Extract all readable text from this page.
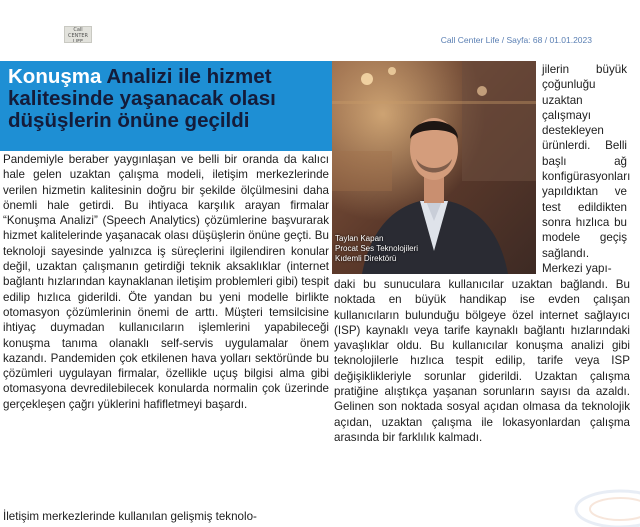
Call CENTER LIFE	Call Center Life / Sayfa: 68 / 01.01.2023
Konuşma Analizi ile hizmet kalitesinde yaşanacak olası düşüşlerin önüne geçildi
Taylan Kapan
Procat Ses Teknolojileri
Kıdemli Direktörü

Pandemiyle beraber yaygınlaşan ve belli bir oranda da kalıcı hale gelen uzaktan çalışma modeli, iletişim merkezlerinde verilen hizmetin kalitesinin doğru bir şekilde ölçülmesini daha önemli hale getirdi. Bu ihtiyaca karşılık arayan firmalar “Konuşma Analizi” (Speech Analytics) çözümlerine başvurarak hizmet kalitelerinde yaşanacak olası düşüşlerin önüne geçti. Bu teknoloji sayesinde yalnızca iş süreçlerini ilgilendiren konular değil, uzaktan çalışmanın getirdiği teknik aksaklıklar (internet bağlantı hızlarından kaynaklanan iletişim problemleri gibi) tespit edilip hızlıca giderildi. Öte yandan bu yeni modelle birlikte otomasyon çözümlerinin önemi de arttı. Müşteri temsilcisine ihtiyaç duymadan kullanıcıların işlemlerini yapabileceği konuşma tanıma olanaklı self-servis uygulamalar önem kazandı. Pandemiden çok etkilenen hava yolları sektöründe bu çözümleri uygulayan firmalar, özellikle uçuş bilgisi alma gibi otomasyona devredilebilecek konularda normalin çok üzerinde gerçekleşen çağrı yüklerini hafifletmeyi başardı.

jilerin büyük çoğunluğu uzaktan çalışmayı destekleyen ürünlerdi. Belli başlı ağ konfigürasyonları yapıldıktan ve test edildikten sonra hızlıca bu modele geçiş sağlandı. Merkezi yapı-
daki bu sunuculara kullanıcılar uzaktan bağlandı. Bu noktada en büyük handikap ise evden çalışan kullanıcıların bulunduğu bölgeye özel internet sağlayıcı (ISP) kaynaklı veya tarife kaynaklı bağlantı hızlarındaki yavaşlıklar oldu. Bu kullanıcılar konuşma analizi gibi teknolojilerle hızlıca tespit edilip, tarife veya ISP değişiklikleriyle sorunlar giderildi. Uzaktan çalışma pratiğine alıştıkça yaşanan sorunların sayısı da azaldı. Gelinen son noktada sosyal açıdan olmasa da teknolojik açıdan, uzaktan çalışma ile lokasyonlardan çalışma arasında bir farklılık kalmadı.
İletişim merkezlerinde kullanılan gelişmiş teknolo-
